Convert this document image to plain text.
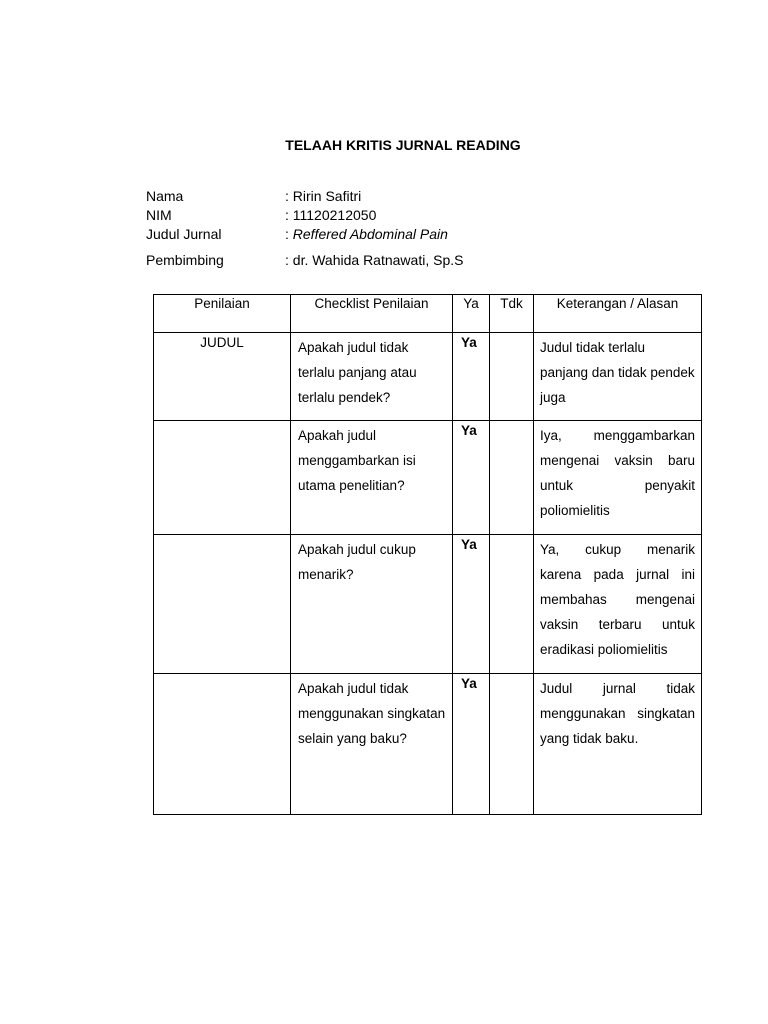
TELAAH KRITIS JURNAL READING
Nama	: Ririn Safitri
NIM	: 11120212050
Judul Jurnal	: Reffered Abdominal Pain
Pembimbing	: dr. Wahida Ratnawati, Sp.S
Penilaian	Checklist Penilaian	Ya	Tdk	Keterangan / Alasan
JUDUL	Apakah judul tidak terlalu panjang atau terlalu pendek?	Ya		Judul tidak terlalu panjang dan tidak pendek juga
	Apakah judul menggambarkan isi utama penelitian?	Ya		Iya, menggambarkan mengenai vaksin baru untuk penyakit poliomielitis
	Apakah judul cukup menarik?	Ya		Ya, cukup menarik karena pada jurnal ini membahas mengenai vaksin terbaru untuk eradikasi poliomielitis
	Apakah judul tidak menggunakan singkatan selain yang baku?	Ya		Judul jurnal tidak menggunakan singkatan yang tidak baku.
